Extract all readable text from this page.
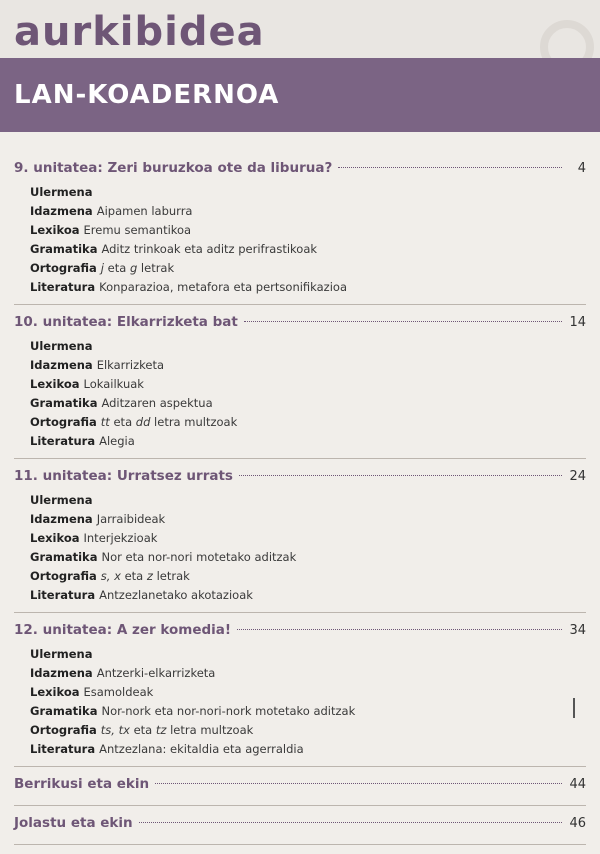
aurkibidea
LAN-KOADERNOA
9. unitatea: Zeri buruzkoa ote da liburua?	4
Ulermena
Idazmena Aipamen laburra
Lexikoa Eremu semantikoa
Gramatika Aditz trinkoak eta aditz perifrastikoak
Ortografia j eta g letrak
Literatura Konparazioa, metafora eta pertsonifikazioa
10. unitatea: Elkarrizketa bat	14
Ulermena
Idazmena Elkarrizketa
Lexikoa Lokailkuak
Gramatika Aditzaren aspektua
Ortografia tt eta dd letra multzoak
Literatura Alegia
11. unitatea: Urratsez urrats	24
Ulermena
Idazmena Jarraibideak
Lexikoa Interjekzioak
Gramatika Nor eta nor-nori motetako aditzak
Ortografia s, x eta z letrak
Literatura Antzezlanetako akotazioak
12. unitatea: A zer komedia!	34
Ulermena
Idazmena Antzerki-elkarrizketa
Lexikoa Esamoldeak
Gramatika Nor-nork eta nor-nori-nork motetako aditzak
Ortografia ts, tx eta tz letra multzoak
Literatura Antzezlana: ekitaldia eta agerraldia
Berrikusi eta ekin	44
Jolastu eta ekin	46
